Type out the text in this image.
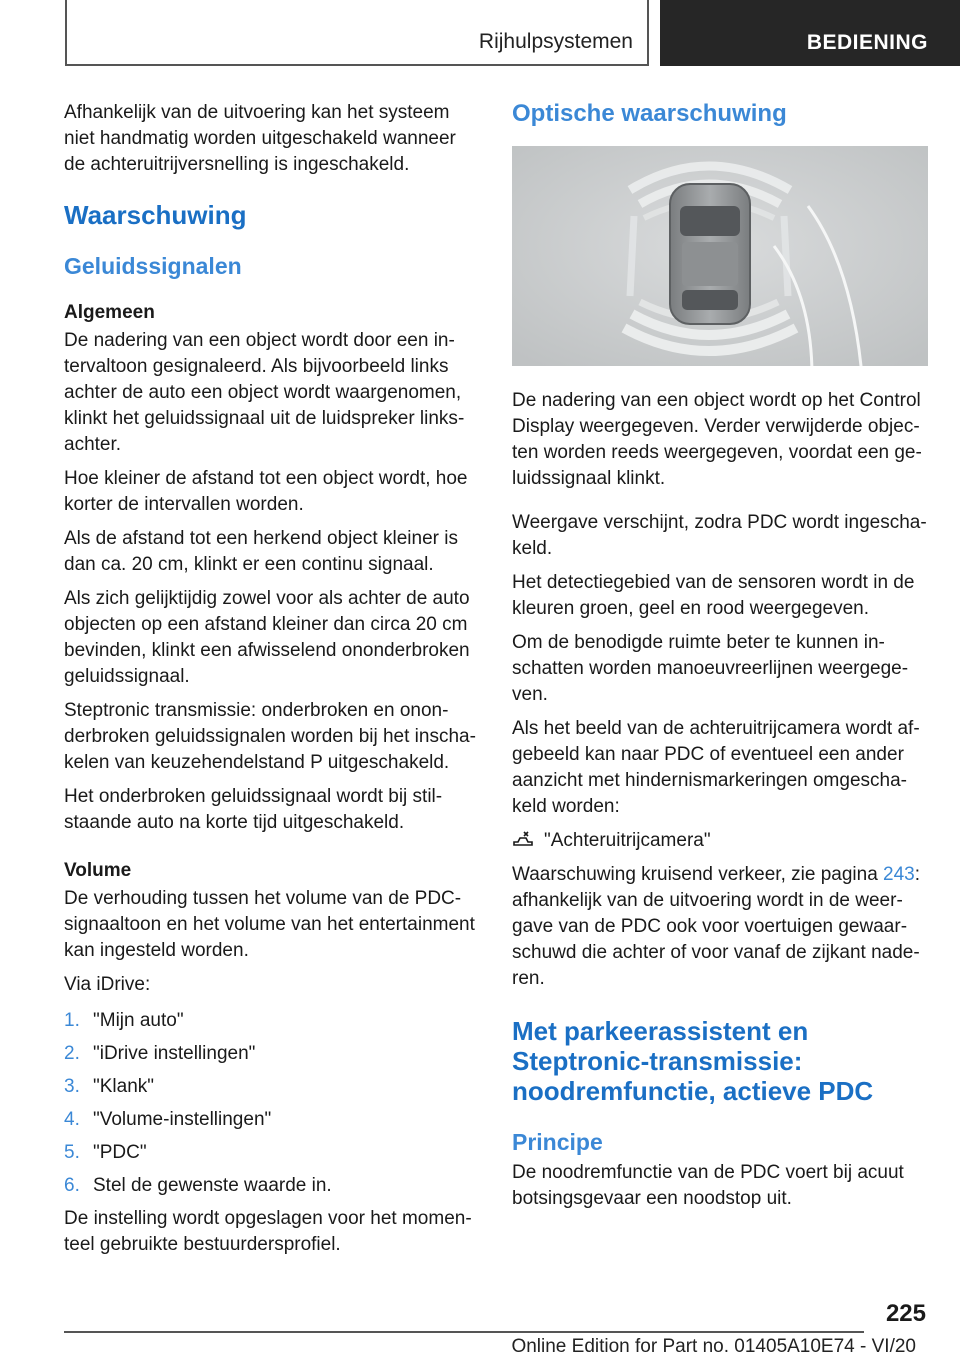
Rijhulpsystemen	BEDIENING

Afhankelijk van de uitvoering kan het systeem niet handmatig worden uitgeschakeld wanneer de achteruitrijversnelling is ingeschakeld.

Waarschuwing
Geluidssignalen
Algemeen

De nadering van een object wordt door een intervaltoon gesignaleerd. Als bijvoorbeeld links achter de auto een object wordt waargenomen, klinkt het geluidssignaal uit de luidspreker linksachter.

Hoe kleiner de afstand tot een object wordt, hoe korter de intervallen worden.

Als de afstand tot een herkend object kleiner is dan ca. 20 cm, klinkt er een continu signaal.

Als zich gelijktijdig zowel voor als achter de auto objecten op een afstand kleiner dan circa 20 cm bevinden, klinkt een afwisselend ononderbroken geluidssignaal.

Steptronic transmissie: onderbroken en ononderbroken geluidssignalen worden bij het inschakelen van keuzehendelstand P uitgeschakeld.

Het onderbroken geluidssignaal wordt bij stilstaande auto na korte tijd uitgeschakeld.

Volume

De verhouding tussen het volume van de PDC-signaaltoon en het volume van het entertainment kan ingesteld worden.

Via iDrive:

1. "Mijn auto"
2. "iDrive instellingen"
3. "Klank"
4. "Volume-instellingen"
5. "PDC"
6. Stel de gewenste waarde in.

De instelling wordt opgeslagen voor het momenteel gebruikte bestuurdersprofiel.

Optische waarschuwing

De nadering van een object wordt op het Control Display weergegeven. Verder verwijderde objecten worden reeds weergegeven, voordat een geluidssignaal klinkt.

Weergave verschijnt, zodra PDC wordt ingeschakeld.

Het detectiegebied van de sensoren wordt in de kleuren groen, geel en rood weergegeven.

Om de benodigde ruimte beter te kunnen inschatten worden manoeuvreerlijnen weergegeven.

Als het beeld van de achteruitrijcamera wordt afgebeeld kan naar PDC of eventueel een ander aanzicht met hindernismarkeringen omgeschakeld worden:

"Achteruitrijcamera"

Waarschuwing kruisend verkeer, zie pagina 243: afhankelijk van de uitvoering wordt in de weergave van de PDC ook voor voertuigen gewaarschuwd die achter of voor vanaf de zijkant naderen.

Met parkeerassistent en Steptronic-transmissie: noodremfunctie, actieve PDC
Principe

De noodremfunctie van de PDC voert bij acuut botsingsgevaar een noodstop uit.

225
Online Edition for Part no. 01405A10E74 - VI/20
